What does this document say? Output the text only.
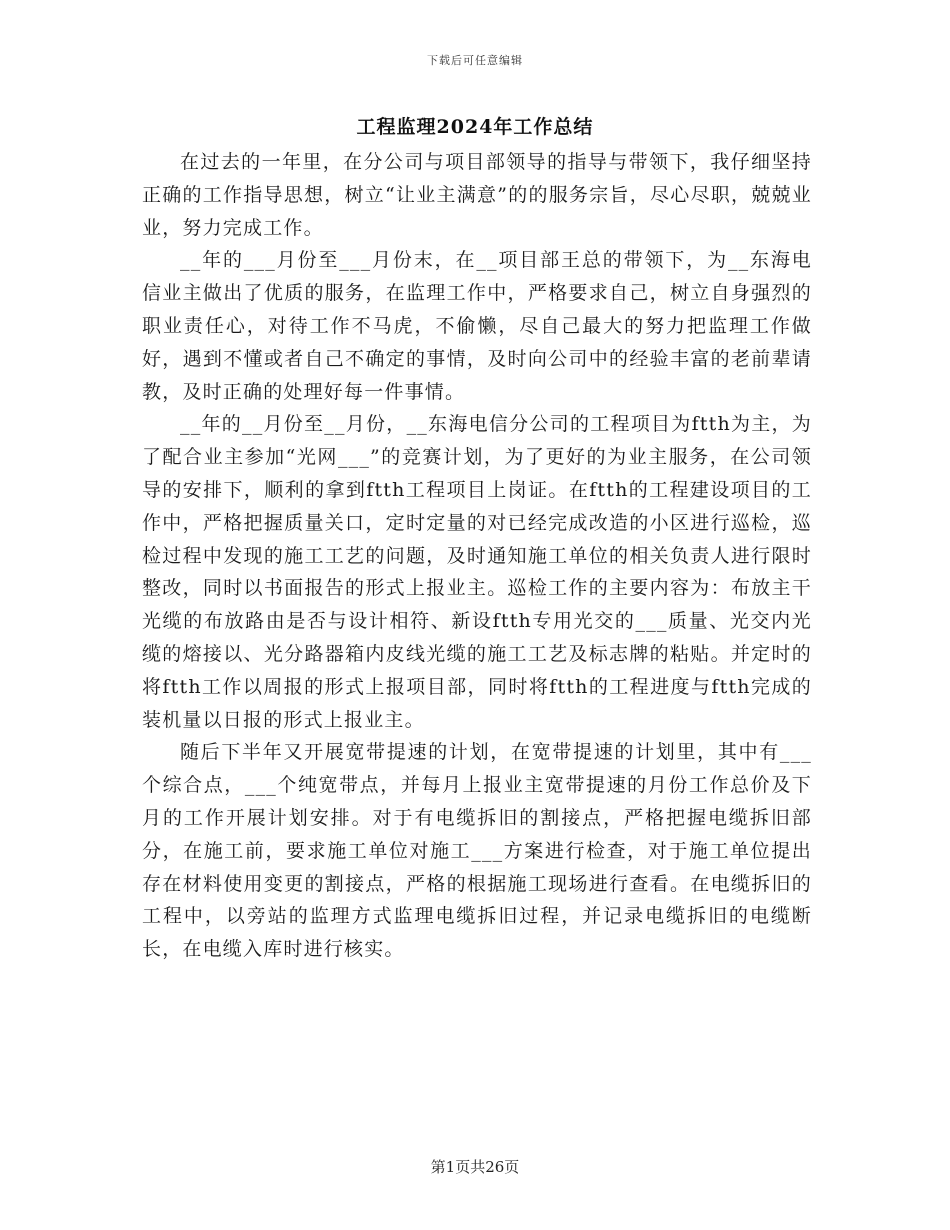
下载后可任意编辑
工程监理2024年工作总结

在过去的一年里，在分公司与项目部领导的指导与带领下，我仔细坚持正确的工作指导思想，树立“让业主满意”的的服务宗旨，尽心尽职，兢兢业业，努力完成工作。

__年的___月份至___月份末，在__项目部王总的带领下，为__东海电信业主做出了优质的服务，在监理工作中，严格要求自己，树立自身强烈的职业责任心，对待工作不马虎，不偷懒，尽自己最大的努力把监理工作做好，遇到不懂或者自己不确定的事情，及时向公司中的经验丰富的老前辈请教，及时正确的处理好每一件事情。

__年的__月份至__月份，__东海电信分公司的工程项目为ftth为主，为了配合业主参加“光网___”的竞赛计划，为了更好的为业主服务，在公司领导的安排下，顺利的拿到ftth工程项目上岗证。在ftth的工程建设项目的工作中，严格把握质量关口，定时定量的对已经完成改造的小区进行巡检，巡检过程中发现的施工工艺的问题，及时通知施工单位的相关负责人进行限时整改，同时以书面报告的形式上报业主。巡检工作的主要内容为：布放主干光缆的布放路由是否与设计相符、新设ftth专用光交的___质量、光交内光缆的熔接以、光分路器箱内皮线光缆的施工工艺及标志牌的粘贴。并定时的将ftth工作以周报的形式上报项目部，同时将ftth的工程进度与ftth完成的装机量以日报的形式上报业主。

随后下半年又开展宽带提速的计划，在宽带提速的计划里，其中有___个综合点，___个纯宽带点，并每月上报业主宽带提速的月份工作总价及下月的工作开展计划安排。对于有电缆拆旧的割接点，严格把握电缆拆旧部分，在施工前，要求施工单位对施工___方案进行检查，对于施工单位提出存在材料使用变更的割接点，严格的根据施工现场进行查看。在电缆拆旧的工程中，以旁站的监理方式监理电缆拆旧过程，并记录电缆拆旧的电缆断长，在电缆入库时进行核实。

第1页共26页
